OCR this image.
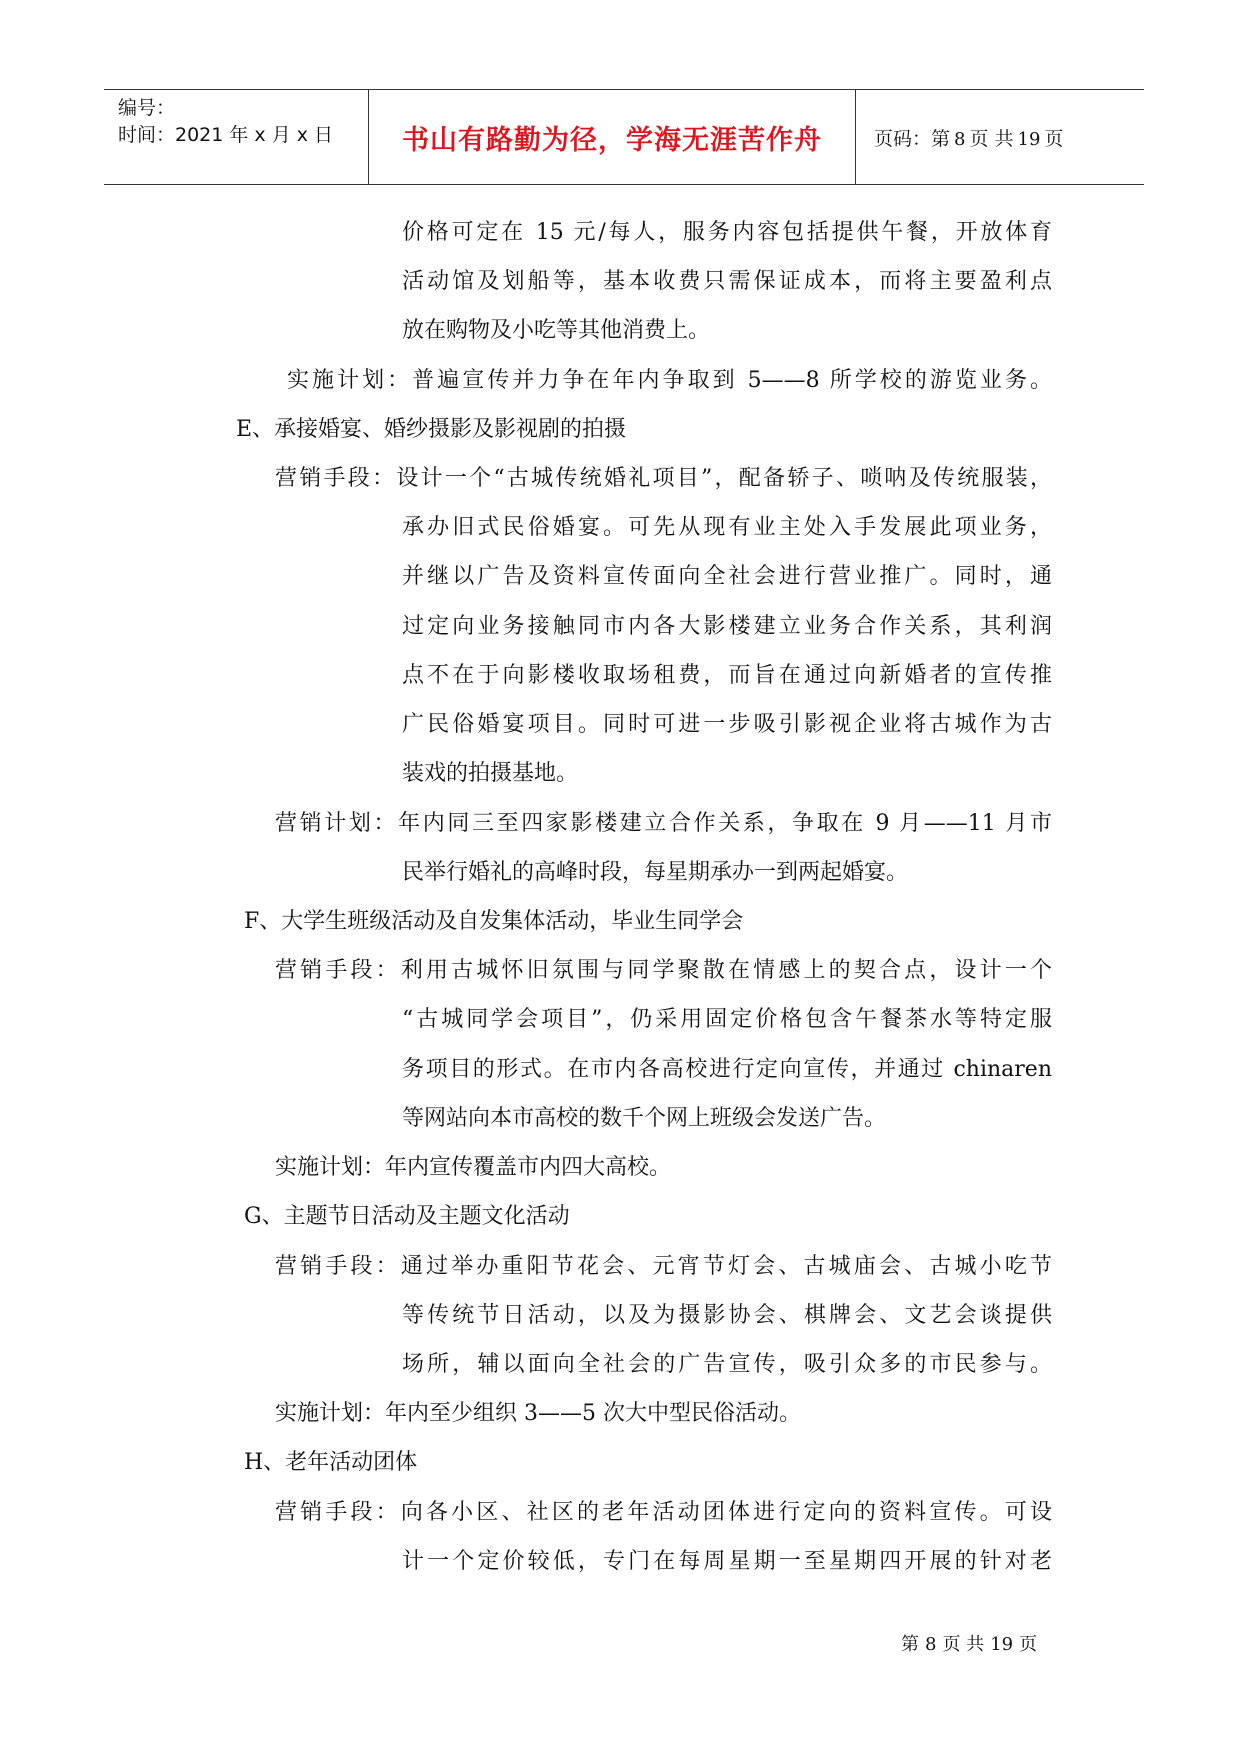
编号：
时间：2021 年 x 月 x 日	书山有路勤为径，学海无涯苦作舟	页码：第 8 页 共 19 页
价格可定在 15 元/每人，服务内容包括提供午餐，开放体育
活动馆及划船等，基本收费只需保证成本，而将主要盈利点
放在购物及小吃等其他消费上。
实施计划：普遍宣传并力争在年内争取到 5——8 所学校的游览业务。
E、承接婚宴、婚纱摄影及影视剧的拍摄
营销手段：设计一个“古城传统婚礼项目”，配备轿子、唢呐及传统服装，
承办旧式民俗婚宴。可先从现有业主处入手发展此项业务，
并继以广告及资料宣传面向全社会进行营业推广。同时，通
过定向业务接触同市内各大影楼建立业务合作关系，其利润
点不在于向影楼收取场租费，而旨在通过向新婚者的宣传推
广民俗婚宴项目。同时可进一步吸引影视企业将古城作为古
装戏的拍摄基地。
营销计划：年内同三至四家影楼建立合作关系，争取在 9 月——11 月市
民举行婚礼的高峰时段，每星期承办一到两起婚宴。
F、大学生班级活动及自发集体活动，毕业生同学会
营销手段：利用古城怀旧氛围与同学聚散在情感上的契合点，设计一个
“古城同学会项目”，仍采用固定价格包含午餐茶水等特定服
务项目的形式。在市内各高校进行定向宣传，并通过 chinaren
等网站向本市高校的数千个网上班级会发送广告。
实施计划：年内宣传覆盖市内四大高校。
G、主题节日活动及主题文化活动
营销手段：通过举办重阳节花会、元宵节灯会、古城庙会、古城小吃节
等传统节日活动，以及为摄影协会、棋牌会、文艺会谈提供
场所，辅以面向全社会的广告宣传，吸引众多的市民参与。
实施计划：年内至少组织 3——5 次大中型民俗活动。
H、老年活动团体
营销手段：向各小区、社区的老年活动团体进行定向的资料宣传。可设
计一个定价较低，专门在每周星期一至星期四开展的针对老
第 8 页 共 19 页
